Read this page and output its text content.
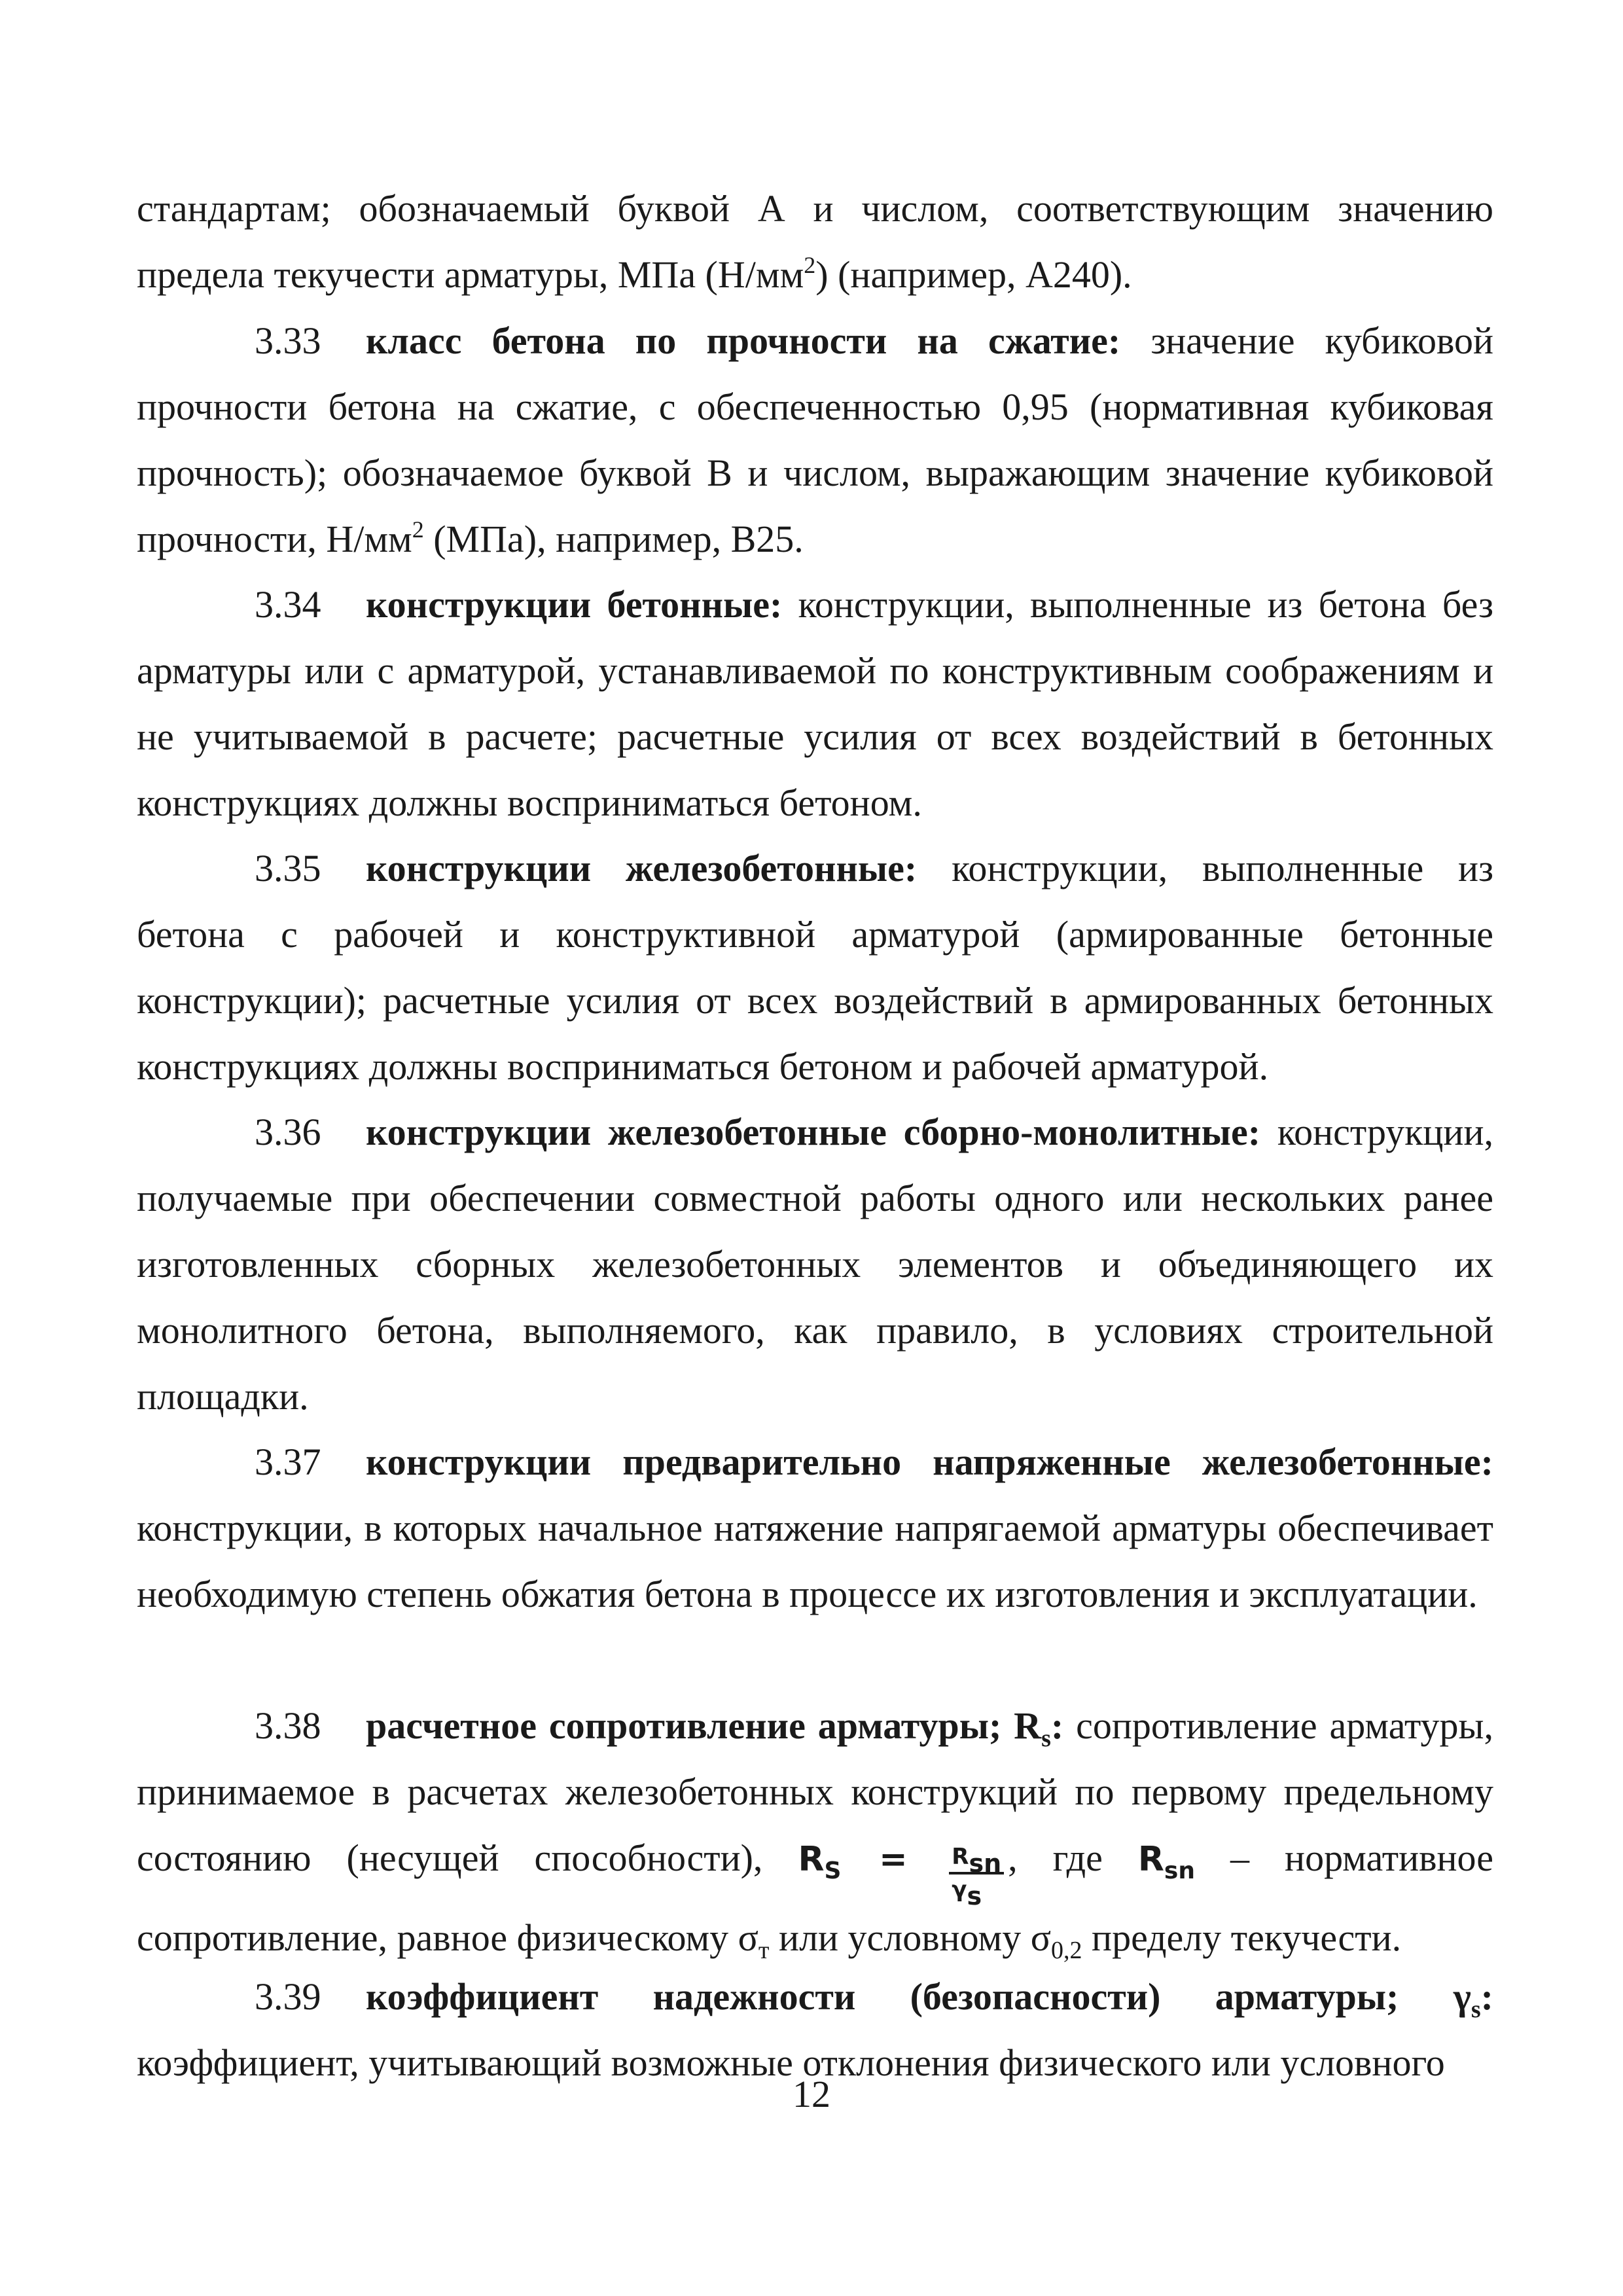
стандартам; обозначаемый буквой А и числом, соответствующим значению предела текучести арматуры, МПа $(Н/мм^2)$ (например, А240).

3.33 класс бетона по прочности на сжатие: значение кубиковой прочности бетона на сжатие, с обеспеченностью 0,95 (нормативная кубиковая прочность); обозначаемое буквой В и числом, выражающим значение кубиковой прочности, $Н/мм^2$ (МПа), например, В25.

3.34 конструкции бетонные: конструкции, выполненные из бетона без арматуры или с арматурой, устанавливаемой по конструктивным соображениям и не учитываемой в расчете; расчетные усилия от всех воздействий в бетонных конструкциях должны восприниматься бетоном.

3.35 конструкции железобетонные: конструкции, выполненные из бетона с рабочей и конструктивной арматурой (армированные бетонные конструкции); расчетные усилия от всех воздействий в армированных бетонных конструкциях должны восприниматься бетоном и рабочей арматурой.

3.36 конструкции железобетонные сборно-монолитные: конструкции, получаемые при обеспечении совместной работы одного или нескольких ранее изготовленных сборных железобетонных элементов и объединяющего их монолитного бетона, выполняемого, как правило, в условиях строительной площадки.

3.37 конструкции предварительно напряженные железобетонные: конструкции, в которых начальное натяжение напрягаемой арматуры обеспечивает необходимую степень обжатия бетона в процессе их изготовления и эксплуатации.

3.38 расчетное сопротивление арматуры; $R_s$: сопротивление арматуры, принимаемое в расчетах железобетонных конструкций по первому предельному состоянию (несущей способности), $R_S = \frac{R_{sn}}{\gamma_s}$ , где $R_{sn}$ – нормативное сопротивление, равное физическому $\sigma_т$ или условному $\sigma_{0,2}$ пределу текучести.

3.39 коэффициент надежности (безопасности) арматуры; $\gamma_s$: коэффициент, учитывающий возможные отклонения физического или условного

12
